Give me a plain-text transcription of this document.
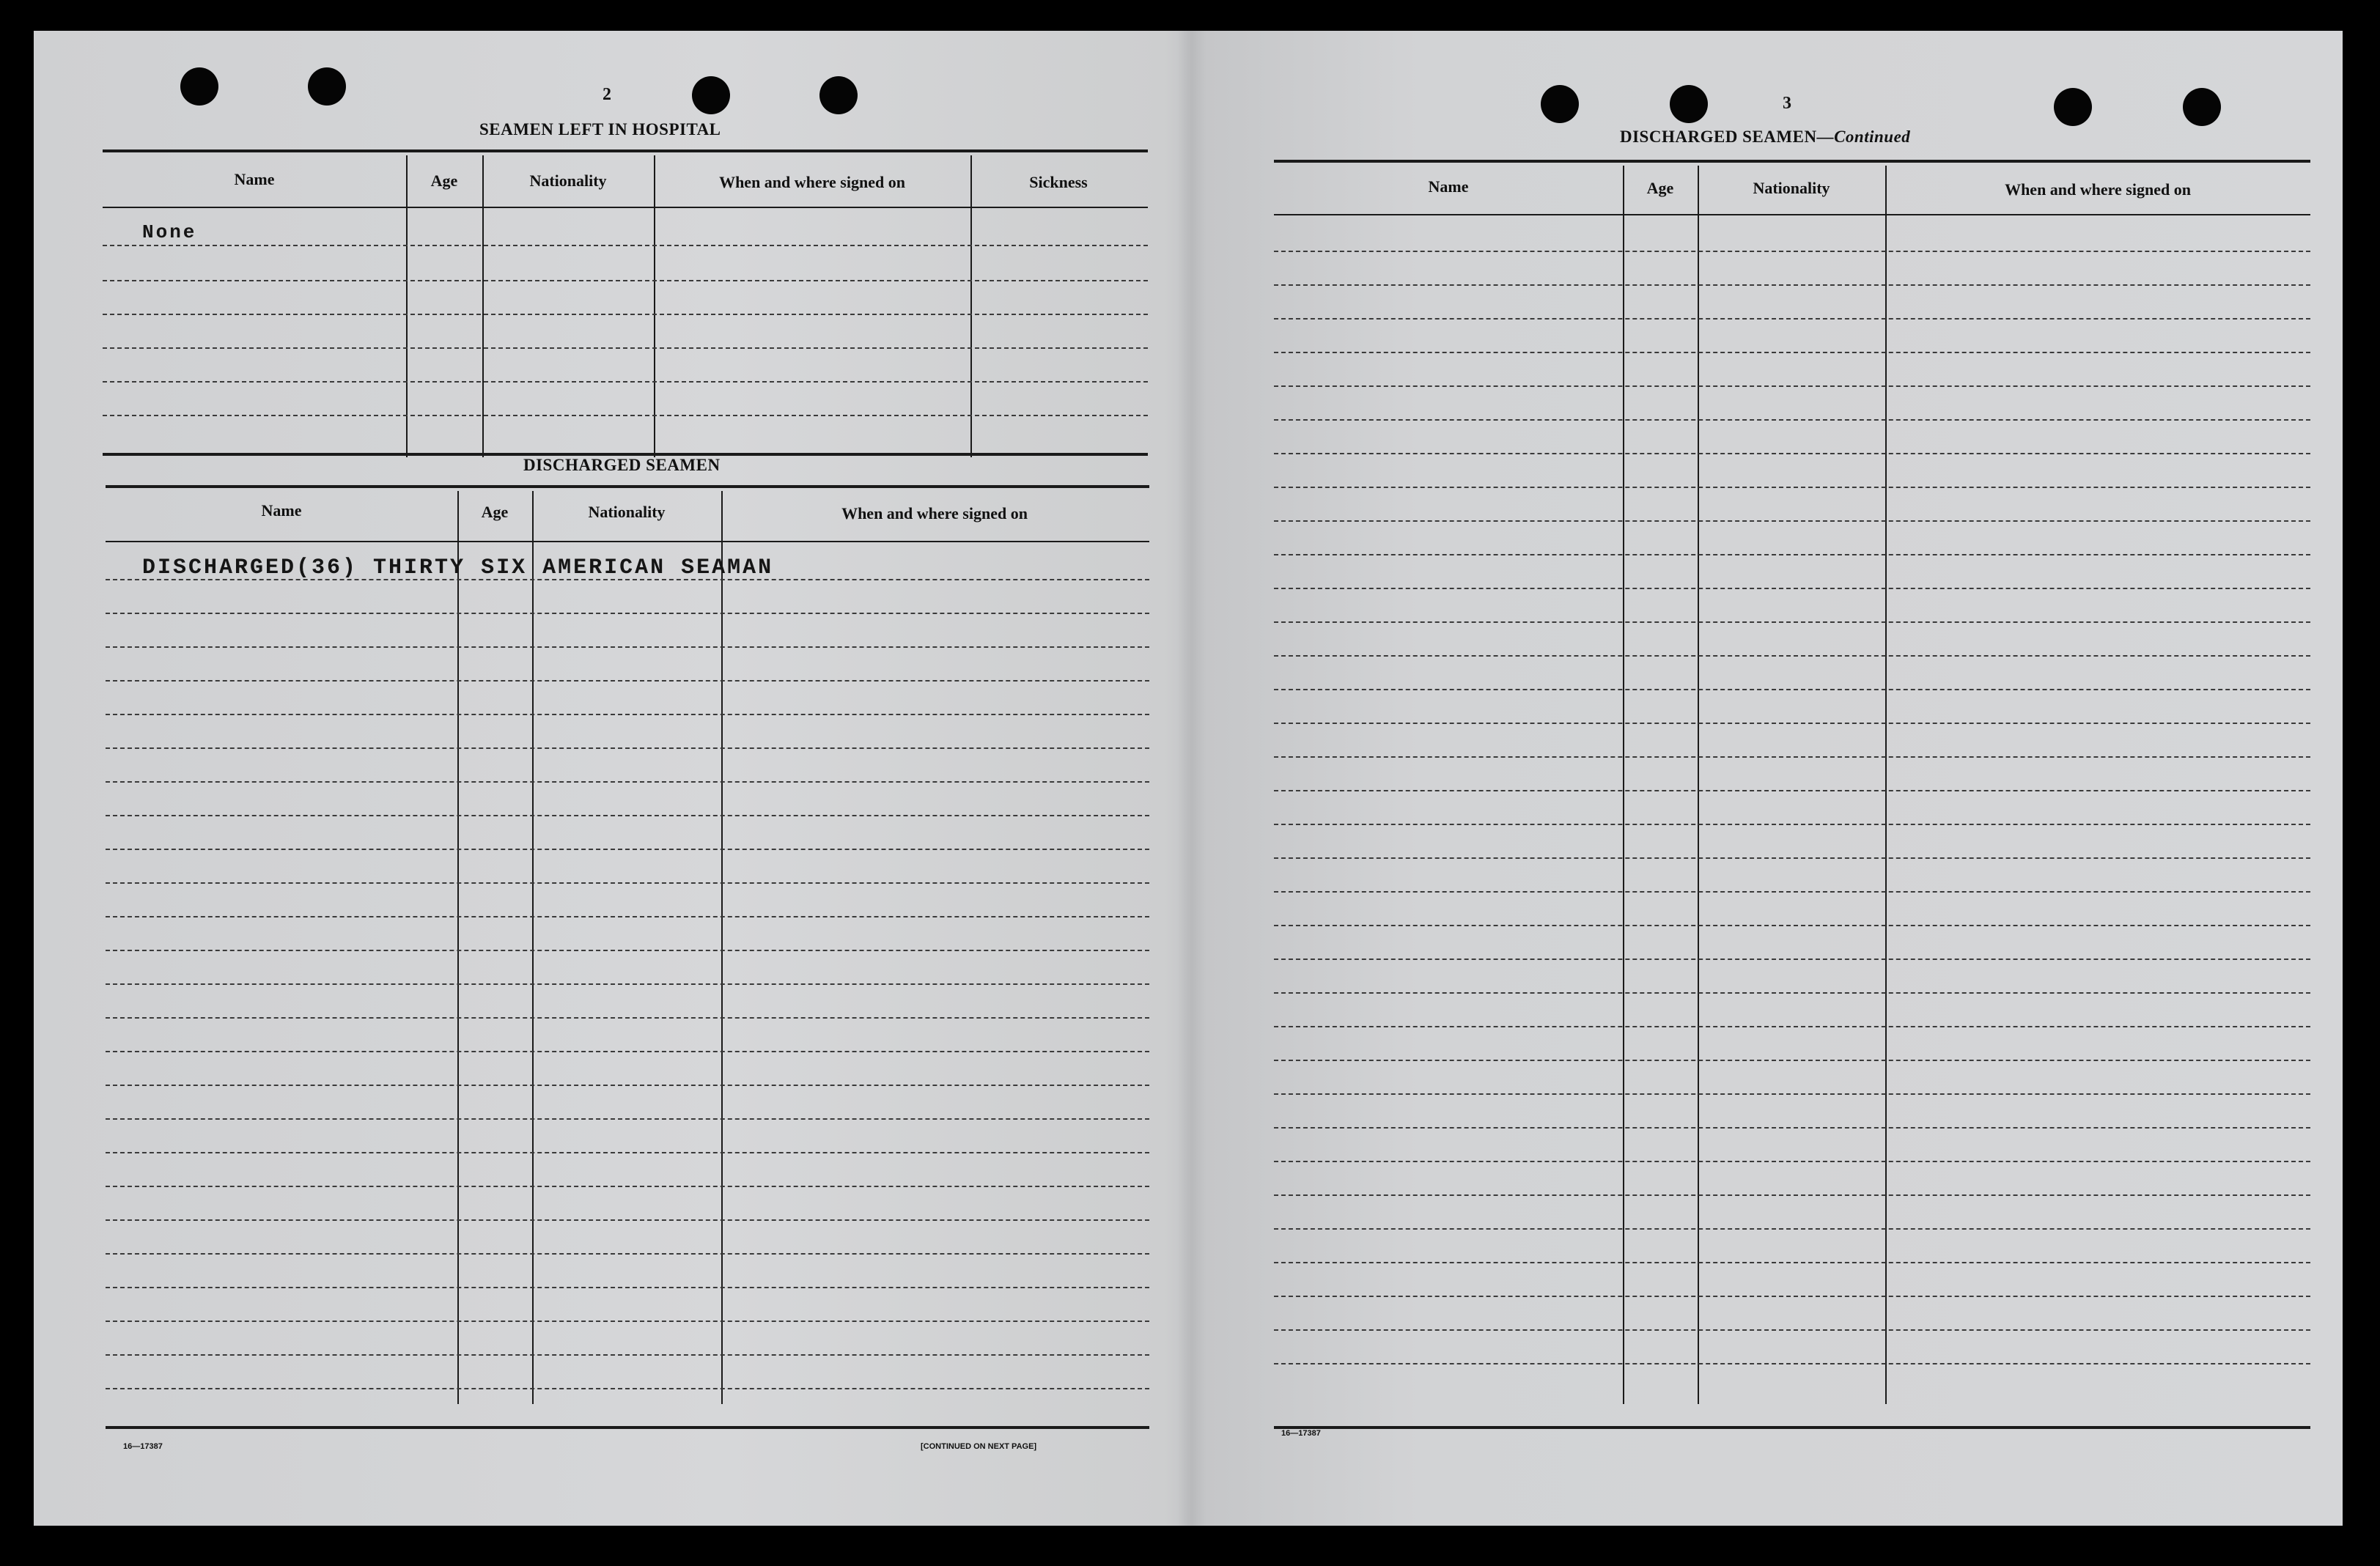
2
SEAMEN LEFT IN HOSPITAL
Name	Age	Nationality	When and where signed on	Sickness
None
DISCHARGED SEAMEN
Name	Age	Nationality	When and where signed on
DISCHARGED(36) THIRTY SIX AMERICAN SEAMAN
16—17387	[CONTINUED ON NEXT PAGE]
3
DISCHARGED SEAMEN—Continued
Name	Age	Nationality	When and where signed on
16—17387
